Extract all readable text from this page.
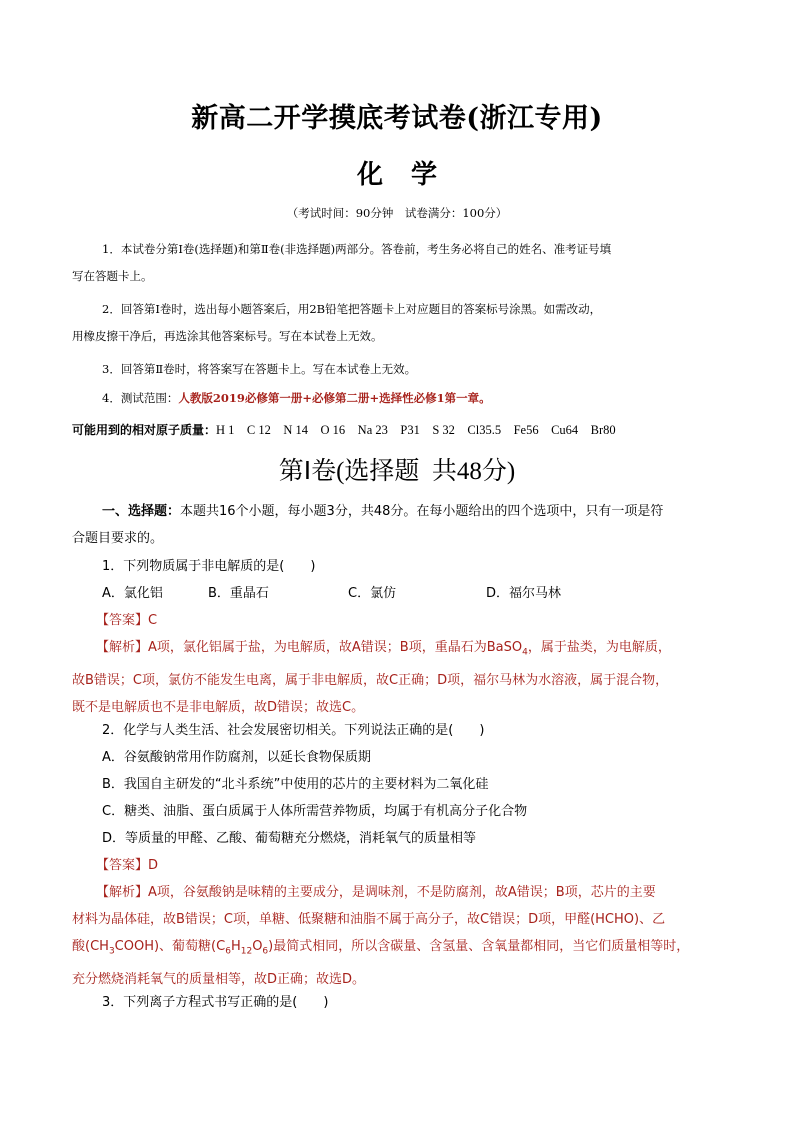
新高二开学摸底考试卷(浙江专用)
化学
（考试时间：90分钟　试卷满分：100分）
1．本试卷分第Ⅰ卷(选择题)和第Ⅱ卷(非选择题)两部分。答卷前，考生务必将自己的姓名、准考证号填
写在答题卡上。
2．回答第Ⅰ卷时，选出每小题答案后，用2B铅笔把答题卡上对应题目的答案标号涂黑。如需改动，
用橡皮擦干净后，再选涂其他答案标号。写在本试卷上无效。
3．回答第Ⅱ卷时，将答案写在答题卡上。写在本试卷上无效。
4．测试范围：人教版2019必修第一册+必修第二册+选择性必修1第一章。
可能用到的相对原子质量：H 1　C 12　N 14　O 16　Na 23　P31　S 32　Cl35.5　Fe56　Cu64　Br80
第Ⅰ卷(选择题  共48分)
一、选择题：本题共16个小题，每小题3分，共48分。在每小题给出的四个选项中，只有一项是符
合题目要求的。
1．下列物质属于非电解质的是(　　)
A．氯化铝	B．重晶石	C．氯仿	D．福尔马林
【答案】C
【解析】A项，氯化铝属于盐，为电解质，故A错误；B项，重晶石为BaSO$_4$，属于盐类，为电解质，
故B错误；C项，氯仿不能发生电离，属于非电解质，故C正确；D项，福尔马林为水溶液，属于混合物，
既不是电解质也不是非电解质，故D错误；故选C。
2．化学与人类生活、社会发展密切相关。下列说法正确的是(　　)
A．谷氨酸钠常用作防腐剂，以延长食物保质期
B．我国自主研发的“北斗系统”中使用的芯片的主要材料为二氧化硅
C．糖类、油脂、蛋白质属于人体所需营养物质，均属于有机高分子化合物
D．等质量的甲醛、乙酸、葡萄糖充分燃烧，消耗氧气的质量相等
【答案】D
【解析】A项，谷氨酸钠是味精的主要成分，是调味剂，不是防腐剂，故A错误；B项，芯片的主要
材料为晶体硅，故B错误；C项，单糖、低聚糖和油脂不属于高分子，故C错误；D项，甲醛(HCHO)、乙
酸$(CH_3COOH)$、葡萄糖$(C_6H_{12}O_6)$最简式相同，所以含碳量、含氢量、含氧量都相同，当它们质量相等时，
充分燃烧消耗氧气的质量相等，故D正确；故选D。
3．下列离子方程式书写正确的是(　　)
